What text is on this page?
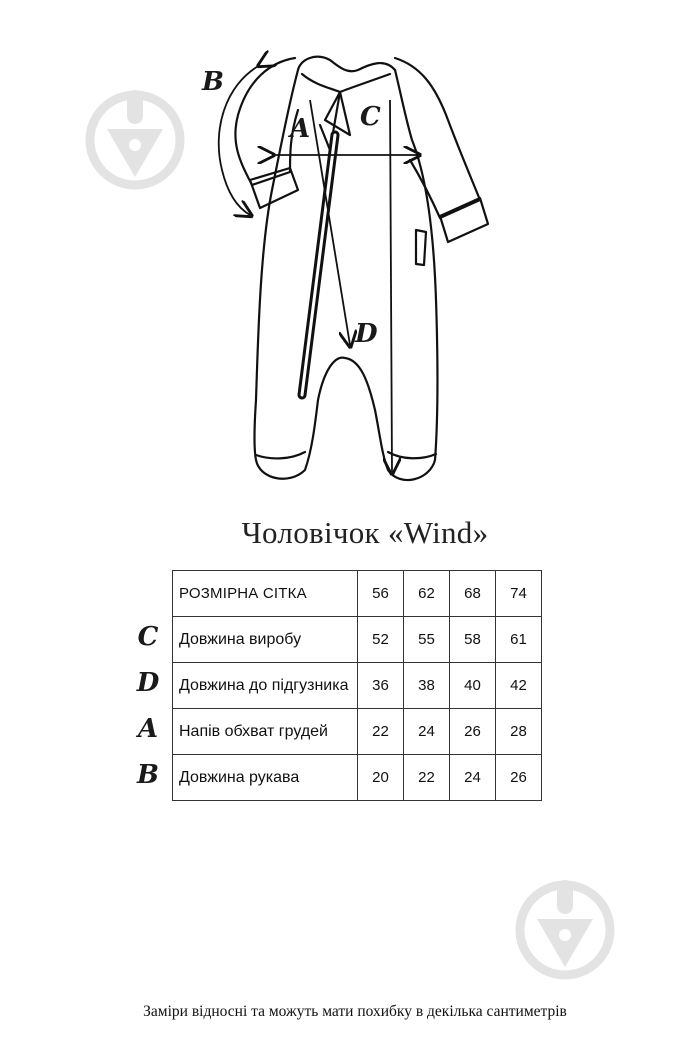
B
A C
D
Чоловічок «Wind»
C
D
A
B
РОЗМІРНА СІТКА	56	62	68	74
Довжина виробу	52	55	58	61
Довжина до підгузника	36	38	40	42
Напів обхват грудей	22	24	26	28
Довжина рукава	20	22	24	26
Заміри відносні та можуть мати похибку в декілька сантиметрів
